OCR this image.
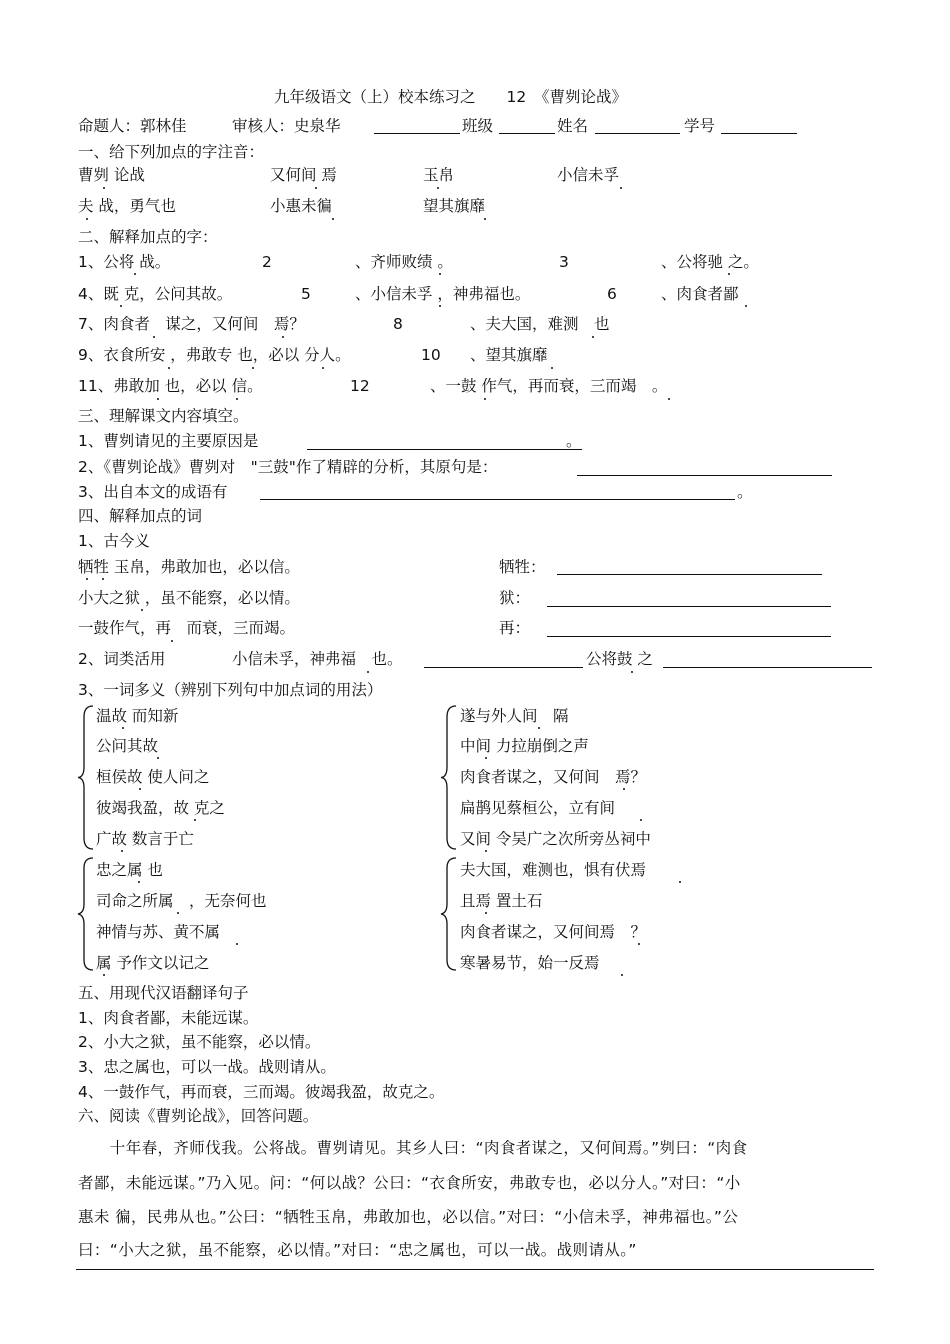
九年级语文（上）校本练习之　　12　《曹刿论战》
命题人：郭林佳	审核人：史泉华	班级	姓名	学号
一、给下列加点的字注音：
曹刿 论战	又何间 焉	玉帛	小信未孚
夫 战，勇气也	小惠未徧	望其旗靡
二、解释加点的字：
1、公将 战。	2	、齐师败绩 。	3	、公将驰 之。
4、既 克，公问其故。	5	、小信未孚 ，神弗福也。	6	、肉食者鄙
7、肉食者　谋之，又何间　焉？	8	、夫大国，难测　也
9、衣食所安 ，弗敢专 也，必以 分人。	10 、望其旗靡
11、弗敢加 也，必以 信。	12	、一鼓 作气，再而衰，三而竭　。
三、理解课文内容填空。
1、曹刿请见的主要原因是	。
2、《曹刿论战》曹刿对　"三鼓"作了精辟的分析，其原句是：
3、出自本文的成语有	。
四、解释加点的词
1、古今义
牺牲 玉帛，弗敢加也，必以信。	牺牲：
小大之狱 ，虽不能察，必以情。	狱：
一鼓作气，再　而衰，三而竭。	再：
2、词类活用	小信未孚，神弗福　也。	公将鼓 之
3、一词多义（辨别下列句中加点词的用法）
温故 而知新
公问其故
桓侯故 使人问之
彼竭我盈，故 克之
广故 数言于亡
遂与外人间　隔
中间 力拉崩倒之声
肉食者谋之，又何间　焉？
扁鹊见蔡桓公，立有间
又间 令吴广之次所旁丛祠中
忠之属 也
司命之所属　，无奈何也
神情与苏、黄不属
属 予作文以记之
夫大国，难测也，惧有伏焉
且焉 置土石
肉食者谋之，又何间焉　？
寒暑易节，始一反焉
五、用现代汉语翻译句子
1、肉食者鄙，未能远谋。
2、小大之狱，虽不能察，必以情。
3、忠之属也，可以一战。战则请从。
4、一鼓作气，再而衰，三而竭。彼竭我盈，故克之。
六、阅读《曹刿论战》，回答问题。
　　十年春，齐师伐我。公将战。曹刿请见。其乡人曰：“肉食者谋之，又何间焉。”刿曰：“肉食
者鄙，未能远谋。”乃入见。问：“何以战？公曰：“衣食所安，弗敢专也，必以分人。”对曰：“小
惠未 徧，民弗从也。”公曰：“牺牲玉帛，弗敢加也，必以信。”对曰：“小信未孚，神弗福也。”公
曰：“小大之狱，虽不能察，必以情。”对曰：“忠之属也，可以一战。战则请从。”
